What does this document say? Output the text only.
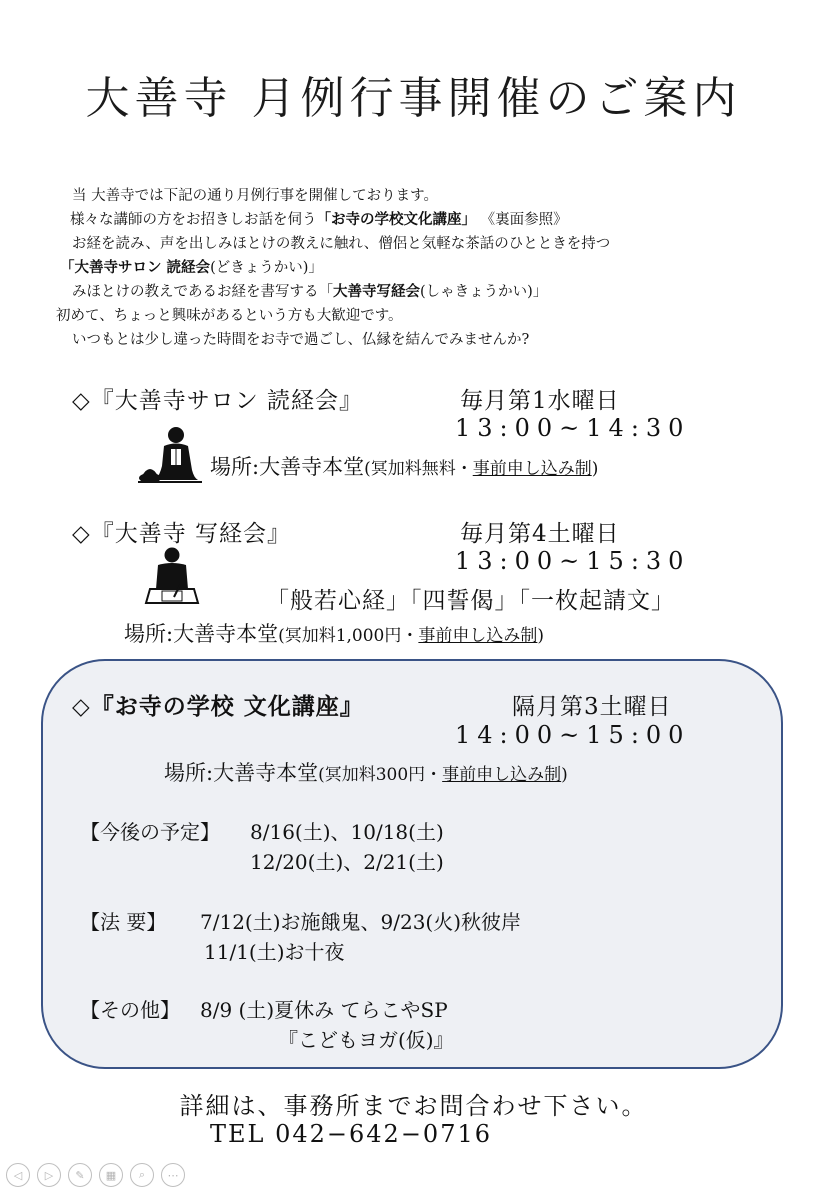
大善寺 月例行事開催のご案内
当 大善寺では下記の通り月例行事を開催しております。
様々な講師の方をお招きしお話を伺う「お寺の学校文化講座」 《裏面参照》
お経を読み、声を出しみほとけの教えに触れ、僧侶と気軽な茶話のひとときを持つ
「大善寺サロン 読経会(どきょうかい)」
みほとけの教えであるお経を書写する「大善寺写経会(しゃきょうかい)」
初めて、ちょっと興味があるという方も大歓迎です。
いつもとは少し違った時間をお寺で過ごし、仏縁を結んでみませんか?
◇『大善寺サロン 読経会』	毎月第1水曜日
13:00~14:30
場所:大善寺本堂(冥加料無料・事前申し込み制)
◇『大善寺 写経会』	毎月第4土曜日
13:00~15:30
「般若心経」「四誓偈」「一枚起請文」
場所:大善寺本堂(冥加料1,000円・事前申し込み制)
◇『お寺の学校 文化講座』	隔月第3土曜日
14:00~15:00
場所:大善寺本堂(冥加料300円・事前申し込み制)
【今後の予定】 8/16(土)、10/18(土)
12/20(土)、2/21(土)
【法 要】 7/12(土)お施餓鬼、9/23(火)秋彼岸
11/1(土)お十夜
【その他】 8/9 (土)夏休み てらこやSP
『こどもヨガ(仮)』
詳細は、事務所までお問合わせ下さい。
TEL 042−642−0716
◁	▷	✎	▦	⌕	⋯
